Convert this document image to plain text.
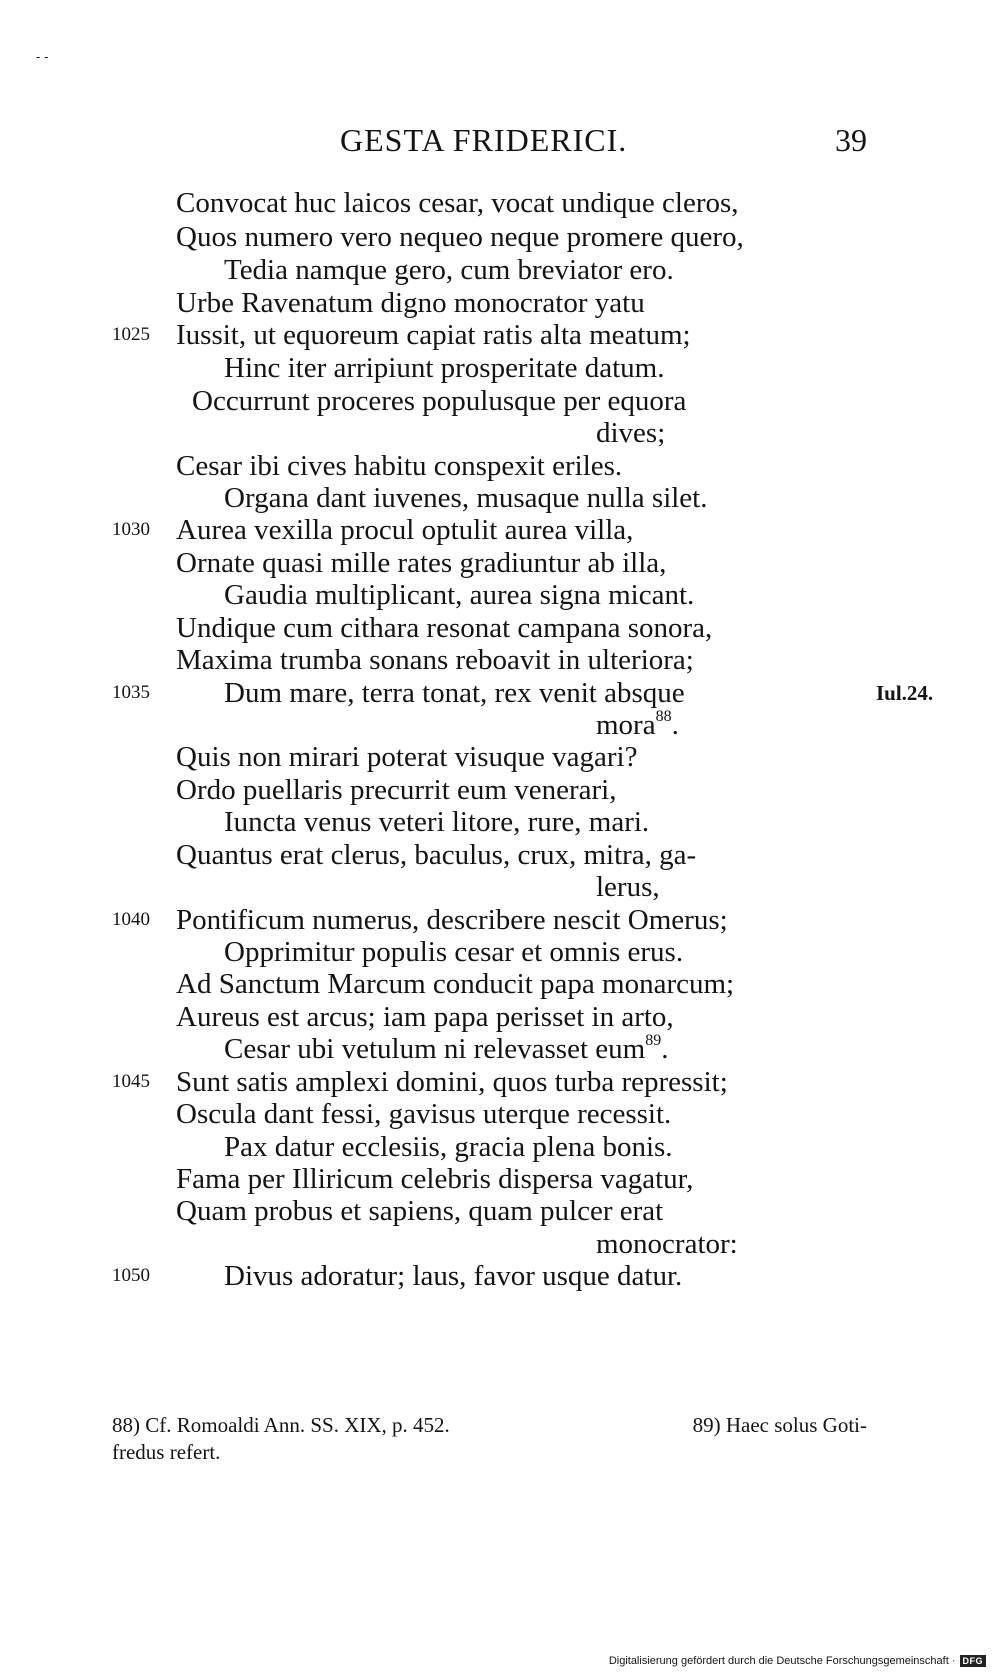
- -
GESTA FRIDERICI.	39
Convocat huc laicos cesar, vocat undique cleros,
Quos numero vero nequeo neque promere quero,
Tedia namque gero, cum breviator ero.
Urbe Ravenatum digno monocrator yatu
1025 Iussit, ut equoreum capiat ratis alta meatum;
Hinc iter arripiunt prosperitate datum.
Occurrunt proceres populusque per equora
dives;
Cesar ibi cives habitu conspexit eriles.
Organa dant iuvenes, musaque nulla silet.
1030 Aurea vexilla procul optulit aurea villa,
Ornate quasi mille rates gradiuntur ab illa,
Gaudia multiplicant, aurea signa micant.
Undique cum cithara resonat campana sonora,
Maxima trumba sonans reboavit in ulteriora;
1035	Dum mare, terra tonat, rex venit absque	Iul.24.
mora$^{88}$.
Quis non mirari poterat visuque vagari?
Ordo puellaris precurrit eum venerari,
Iuncta venus veteri litore, rure, mari.
Quantus erat clerus, baculus, crux, mitra, ga-
lerus,
1040 Pontificum numerus, describere nescit Omerus;
Opprimitur populis cesar et omnis erus.
Ad Sanctum Marcum conducit papa monarcum;
Aureus est arcus; iam papa perisset in arto,
Cesar ubi vetulum ni relevasset eum$^{89}$.
1045 Sunt satis amplexi domini, quos turba repressit;
Oscula dant fessi, gavisus uterque recessit.
Pax datur ecclesiis, gracia plena bonis.
Fama per Illiricum celebris dispersa vagatur,
Quam probus et sapiens, quam pulcer erat
monocrator:
1050	Divus adoratur; laus, favor usque datur.
88) Cf. Romoaldi Ann. SS. XIX, p. 452.	89) Haec solus Goti-
fredus refert.
Digitalisierung gefördert durch die Deutsche Forschungsgemeinschaft · DFG
